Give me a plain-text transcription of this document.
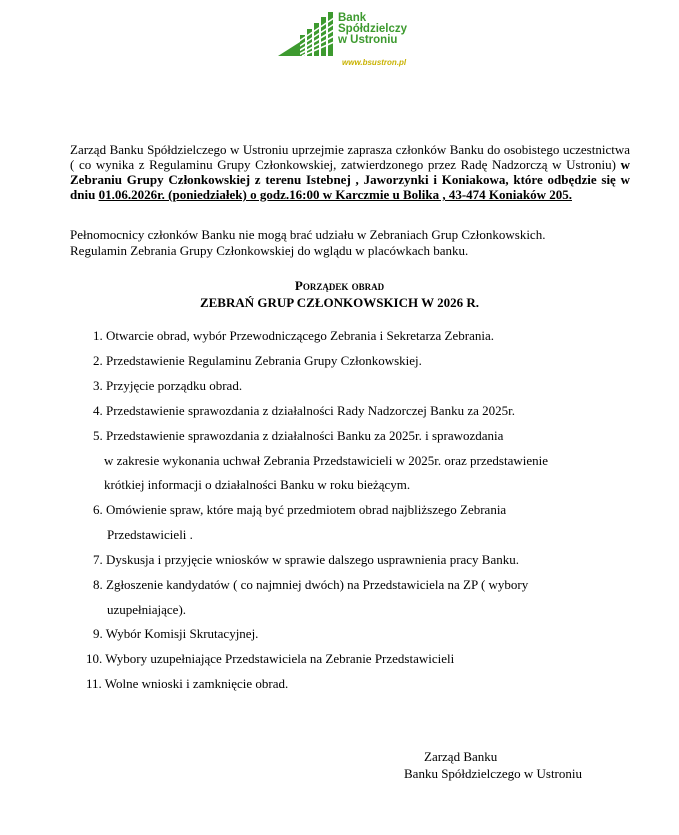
Bank
Spółdzielczy
w Ustroniu
www.bsustron.pl

Zarząd Banku Spółdzielczego w Ustroniu uprzejmie zaprasza członków Banku do osobistego uczestnictwa ( co wynika z Regulaminu Grupy Członkowskiej, zatwierdzonego przez Radę Nadzorczą w Ustroniu) w Zebraniu Grupy Członkowskiej z terenu Istebnej , Jaworzynki i Koniakowa, które odbędzie się w dniu 01.06.2026r. (poniedziałek) o godz.16:00 w Karczmie u Bolika , 43-474 Koniaków 205.

Pełnomocnicy członków Banku nie mogą brać udziału w Zebraniach Grup Członkowskich.
Regulamin Zebrania Grupy Członkowskiej do wglądu w placówkach banku.
Porządek obrad
ZEBRAŃ GRUP CZŁONKOWSKICH W 2026 R.
1. Otwarcie obrad, wybór Przewodniczącego Zebrania i Sekretarza Zebrania.
2. Przedstawienie Regulaminu Zebrania Grupy Członkowskiej.
3. Przyjęcie porządku obrad.
4. Przedstawienie sprawozdania z działalności Rady Nadzorczej Banku za 2025r.
5. Przedstawienie sprawozdania z działalności Banku za 2025r. i sprawozdania
w zakresie wykonania uchwał Zebrania Przedstawicieli w 2025r. oraz przedstawienie
krótkiej informacji o działalności Banku w roku bieżącym.
6. Omówienie spraw, które mają być przedmiotem obrad najbliższego Zebrania
Przedstawicieli .
7. Dyskusja i przyjęcie wniosków w sprawie dalszego usprawnienia pracy Banku.
8. Zgłoszenie kandydatów ( co najmniej dwóch) na Przedstawiciela na ZP ( wybory
uzupełniające).
9. Wybór Komisji Skrutacyjnej.
10. Wybory uzupełniające Przedstawiciela na Zebranie Przedstawicieli
11. Wolne wnioski i zamknięcie obrad.
Zarząd Banku
Banku Spółdzielczego w Ustroniu
